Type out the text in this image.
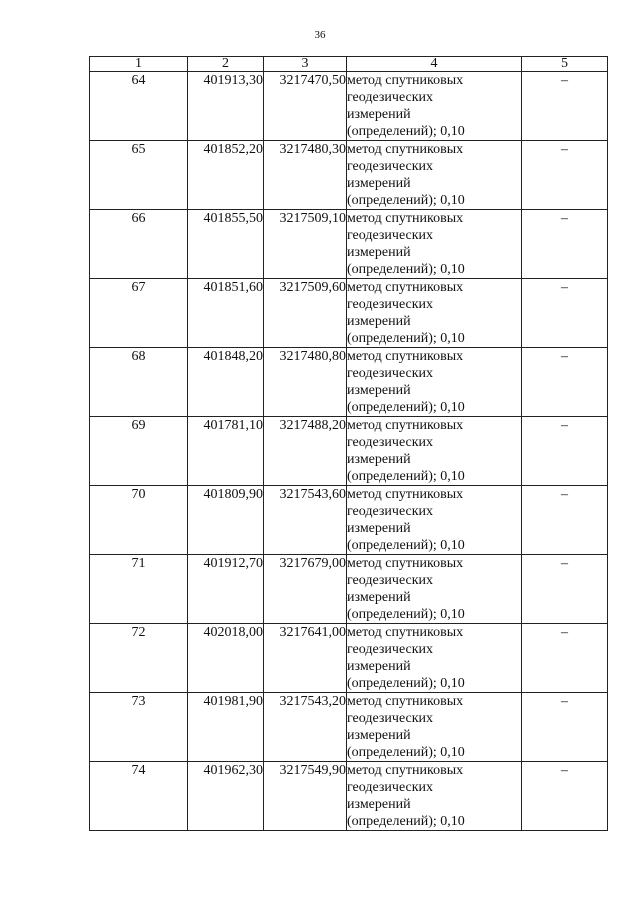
36
1	2	3	4	5
64	401913,30	3217470,50	метод спутниковых
геодезических
измерений
(определений); 0,10	–
65	401852,20	3217480,30	метод спутниковых
геодезических
измерений
(определений); 0,10	–
66	401855,50	3217509,10	метод спутниковых
геодезических
измерений
(определений); 0,10	–
67	401851,60	3217509,60	метод спутниковых
геодезических
измерений
(определений); 0,10	–
68	401848,20	3217480,80	метод спутниковых
геодезических
измерений
(определений); 0,10	–
69	401781,10	3217488,20	метод спутниковых
геодезических
измерений
(определений); 0,10	–
70	401809,90	3217543,60	метод спутниковых
геодезических
измерений
(определений); 0,10	–
71	401912,70	3217679,00	метод спутниковых
геодезических
измерений
(определений); 0,10	–
72	402018,00	3217641,00	метод спутниковых
геодезических
измерений
(определений); 0,10	–
73	401981,90	3217543,20	метод спутниковых
геодезических
измерений
(определений); 0,10	–
74	401962,30	3217549,90	метод спутниковых
геодезических
измерений
(определений); 0,10	–
